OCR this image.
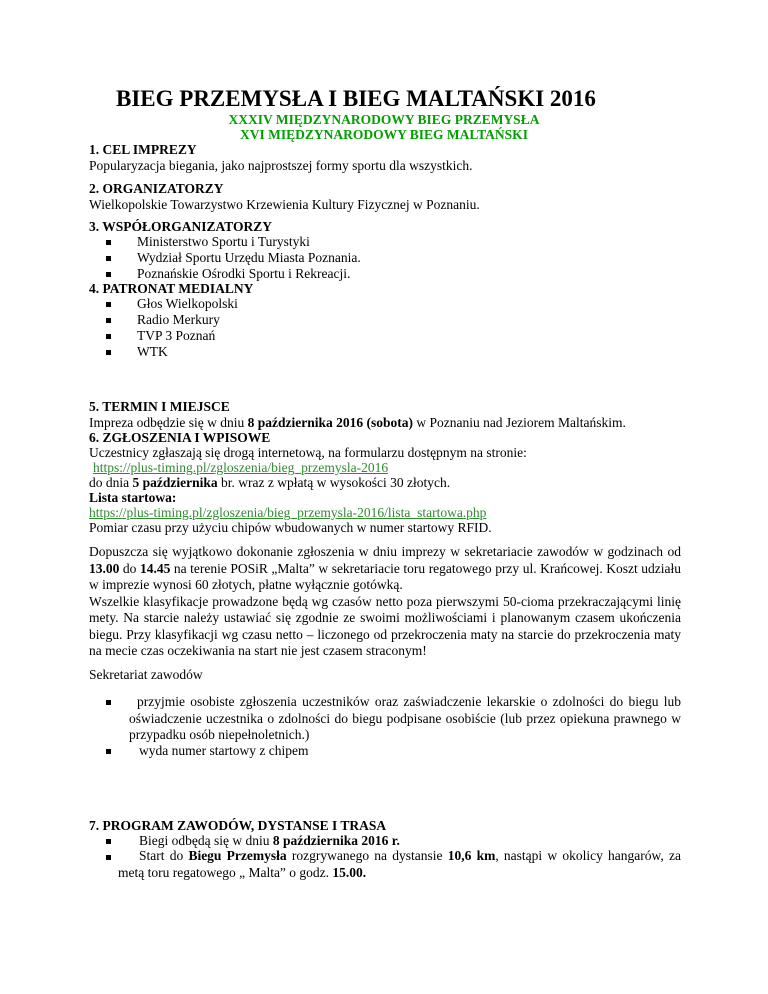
BIEG PRZEMYSŁA I BIEG MALTAŃSKI 2016
XXXIV MIĘDZYNARODOWY BIEG PRZEMYSŁA
XVI MIĘDZYNARODOWY BIEG MALTAŃSKI
1. CEL IMPREZY
Popularyzacja biegania, jako najprostszej formy sportu dla wszystkich.
2. ORGANIZATORZY
Wielkopolskie Towarzystwo Krzewienia Kultury Fizycznej w Poznaniu.
3. WSPÓŁORGANIZATORZY
Ministerstwo Sportu i Turystyki
Wydział Sportu Urzędu Miasta Poznania.
Poznańskie Ośrodki Sportu i Rekreacji.
4. PATRONAT MEDIALNY
Głos Wielkopolski
Radio Merkury
TVP 3 Poznań
WTK
5. TERMIN I MIEJSCE
Impreza odbędzie się w dniu 8 października 2016 (sobota) w Poznaniu nad Jeziorem Maltańskim.
6. ZGŁOSZENIA I WPISOWE
Uczestnicy zgłaszają się drogą internetową, na formularzu dostępnym na stronie:
https://plus-timing.pl/zgloszenia/bieg_przemysla-2016
do dnia 5 października br. wraz z wpłatą w wysokości 30 złotych.
Lista startowa:
https://plus-timing.pl/zgloszenia/bieg_przemysla-2016/lista_startowa.php
Pomiar czasu przy użyciu chipów wbudowanych w numer startowy RFID.

Dopuszcza się wyjątkowo dokonanie zgłoszenia w dniu imprezy w sekretariacie zawodów w godzinach od 13.00 do 14.45 na terenie POSiR „Malta” w sekretariacie toru regatowego przy ul. Krańcowej. Koszt udziału w imprezie wynosi 60 złotych, płatne wyłącznie gotówką.

Wszelkie klasyfikacje prowadzone będą wg czasów netto poza pierwszymi 50-cioma przekraczającymi linię mety. Na starcie należy ustawiać się zgodnie ze swoimi możliwościami i planowanym czasem ukończenia biegu. Przy klasyfikacji wg czasu netto – liczonego od przekroczenia maty na starcie do przekroczenia maty na mecie czas oczekiwania na start nie jest czasem straconym!

Sekretariat zawodów
przyjmie osobiste zgłoszenia uczestników oraz zaświadczenie lekarskie o zdolności do biegu lub oświadczenie uczestnika o zdolności do biegu podpisane osobiście (lub przez opiekuna prawnego w przypadku osób niepełnoletnich.)
wyda numer startowy z chipem
7. PROGRAM ZAWODÓW, DYSTANSE I TRASA
Biegi odbędą się w dniu 8 października 2016 r.
Start do Biegu Przemysła rozgrywanego na dystansie 10,6 km, nastąpi w okolicy hangarów, za metą toru regatowego „ Malta” o godz. 15.00.
